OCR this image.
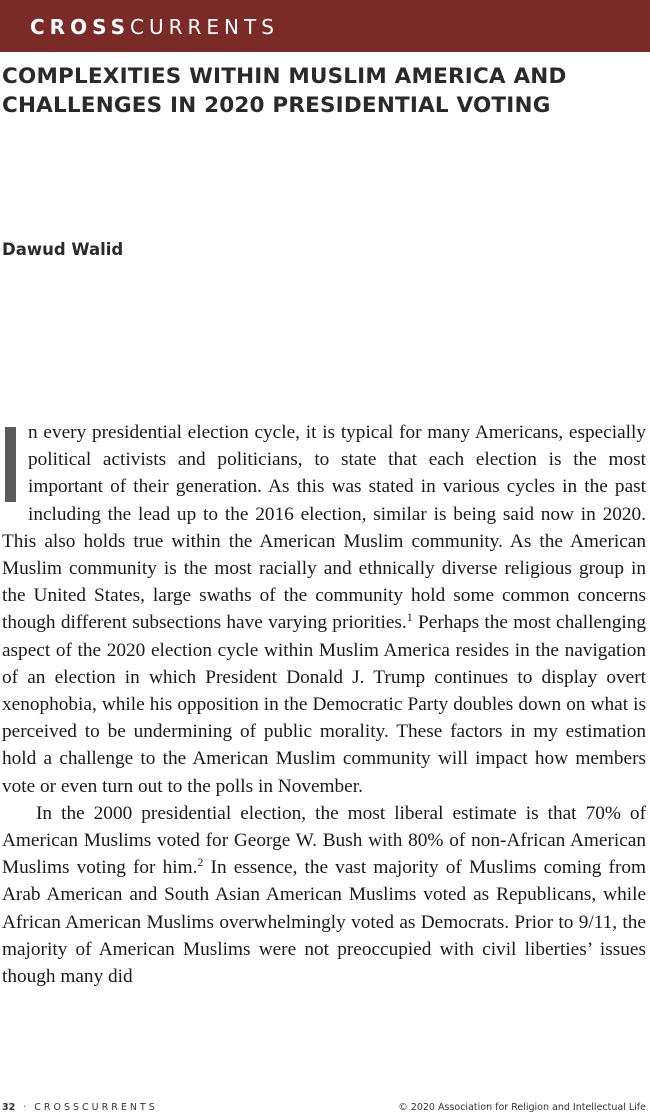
CROSSCURRENTS
COMPLEXITIES WITHIN MUSLIM AMERICA AND CHALLENGES IN 2020 PRESIDENTIAL VOTING

Dawud Walid

n every presidential election cycle, it is typical for many Americans, especially political activists and politicians, to state that each election is the most important of their generation. As this was stated in various cycles in the past including the lead up to the 2016 election, similar is being said now in 2020. This also holds true within the American Muslim community. As the American Muslim community is the most racially and ethnically diverse religious group in the United States, large swaths of the community hold some common concerns though different subsections have varying priorities.$^1$ Perhaps the most challenging aspect of the 2020 election cycle within Muslim America resides in the navigation of an election in which President Donald J. Trump continues to display overt xenophobia, while his opposition in the Democratic Party doubles down on what is perceived to be undermining of public morality. These factors in my estimation hold a challenge to the American Muslim community will impact how members vote or even turn out to the polls in November.

In the 2000 presidential election, the most liberal estimate is that 70% of American Muslims voted for George W. Bush with 80% of non-African American Muslims voting for him.$^2$ In essence, the vast majority of Muslims coming from Arab American and South Asian American Muslims voted as Republicans, while African American Muslims overwhelmingly voted as Democrats. Prior to 9/11, the majority of American Muslims were not preoccupied with civil liberties’ issues though many did

32 · CROSSCURRENTS	© 2020 Association for Religion and Intellectual Life
